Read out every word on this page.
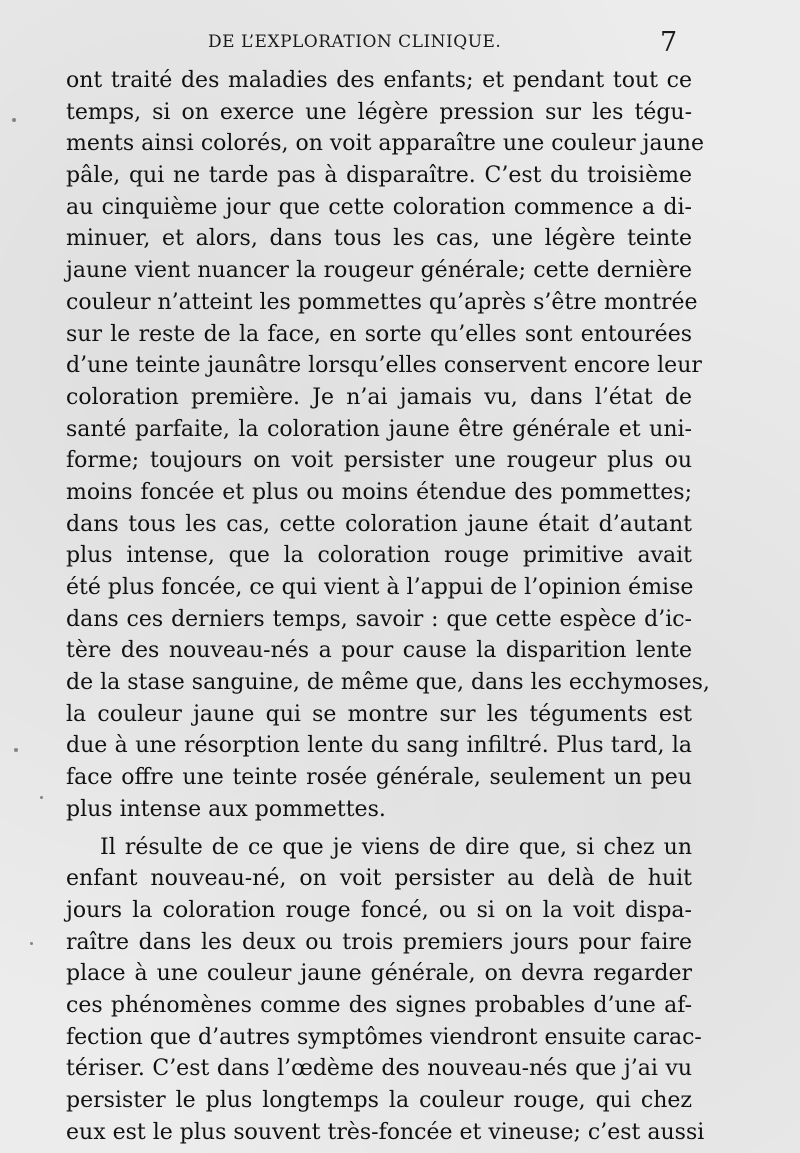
DE L’EXPLORATION CLINIQUE.	7
ont traité des maladies des enfants; et pendant tout ce
temps, si on exerce une légère pression sur les tégu-
ments ainsi colorés, on voit apparaître une couleur jaune
pâle, qui ne tarde pas à disparaître. C’est du troisième
au cinquième jour que cette coloration commence a di-
minuer, et alors, dans tous les cas, une légère teinte
jaune vient nuancer la rougeur générale; cette dernière
couleur n’atteint les pommettes qu’après s’être montrée
sur le reste de la face, en sorte qu’elles sont entourées
d’une teinte jaunâtre lorsqu’elles conservent encore leur
coloration première. Je n’ai jamais vu, dans l’état de
santé parfaite, la coloration jaune être générale et uni-
forme; toujours on voit persister une rougeur plus ou
moins foncée et plus ou moins étendue des pommettes;
dans tous les cas, cette coloration jaune était d’autant
plus intense, que la coloration rouge primitive avait
été plus foncée, ce qui vient à l’appui de l’opinion émise
dans ces derniers temps, savoir : que cette espèce d’ic-
tère des nouveau-nés a pour cause la disparition lente
de la stase sanguine, de même que, dans les ecchymoses,
la couleur jaune qui se montre sur les téguments est
due à une résorption lente du sang infiltré. Plus tard, la
face offre une teinte rosée générale, seulement un peu
plus intense aux pommettes.
Il résulte de ce que je viens de dire que, si chez un
enfant nouveau-né, on voit persister au delà de huit
jours la coloration rouge foncé, ou si on la voit dispa-
raître dans les deux ou trois premiers jours pour faire
place à une couleur jaune générale, on devra regarder
ces phénomènes comme des signes probables d’une af-
fection que d’autres symptômes viendront ensuite carac-
tériser. C’est dans l’œdème des nouveau-nés que j’ai vu
persister le plus longtemps la couleur rouge, qui chez
eux est le plus souvent très-foncée et vineuse; c’est aussi
